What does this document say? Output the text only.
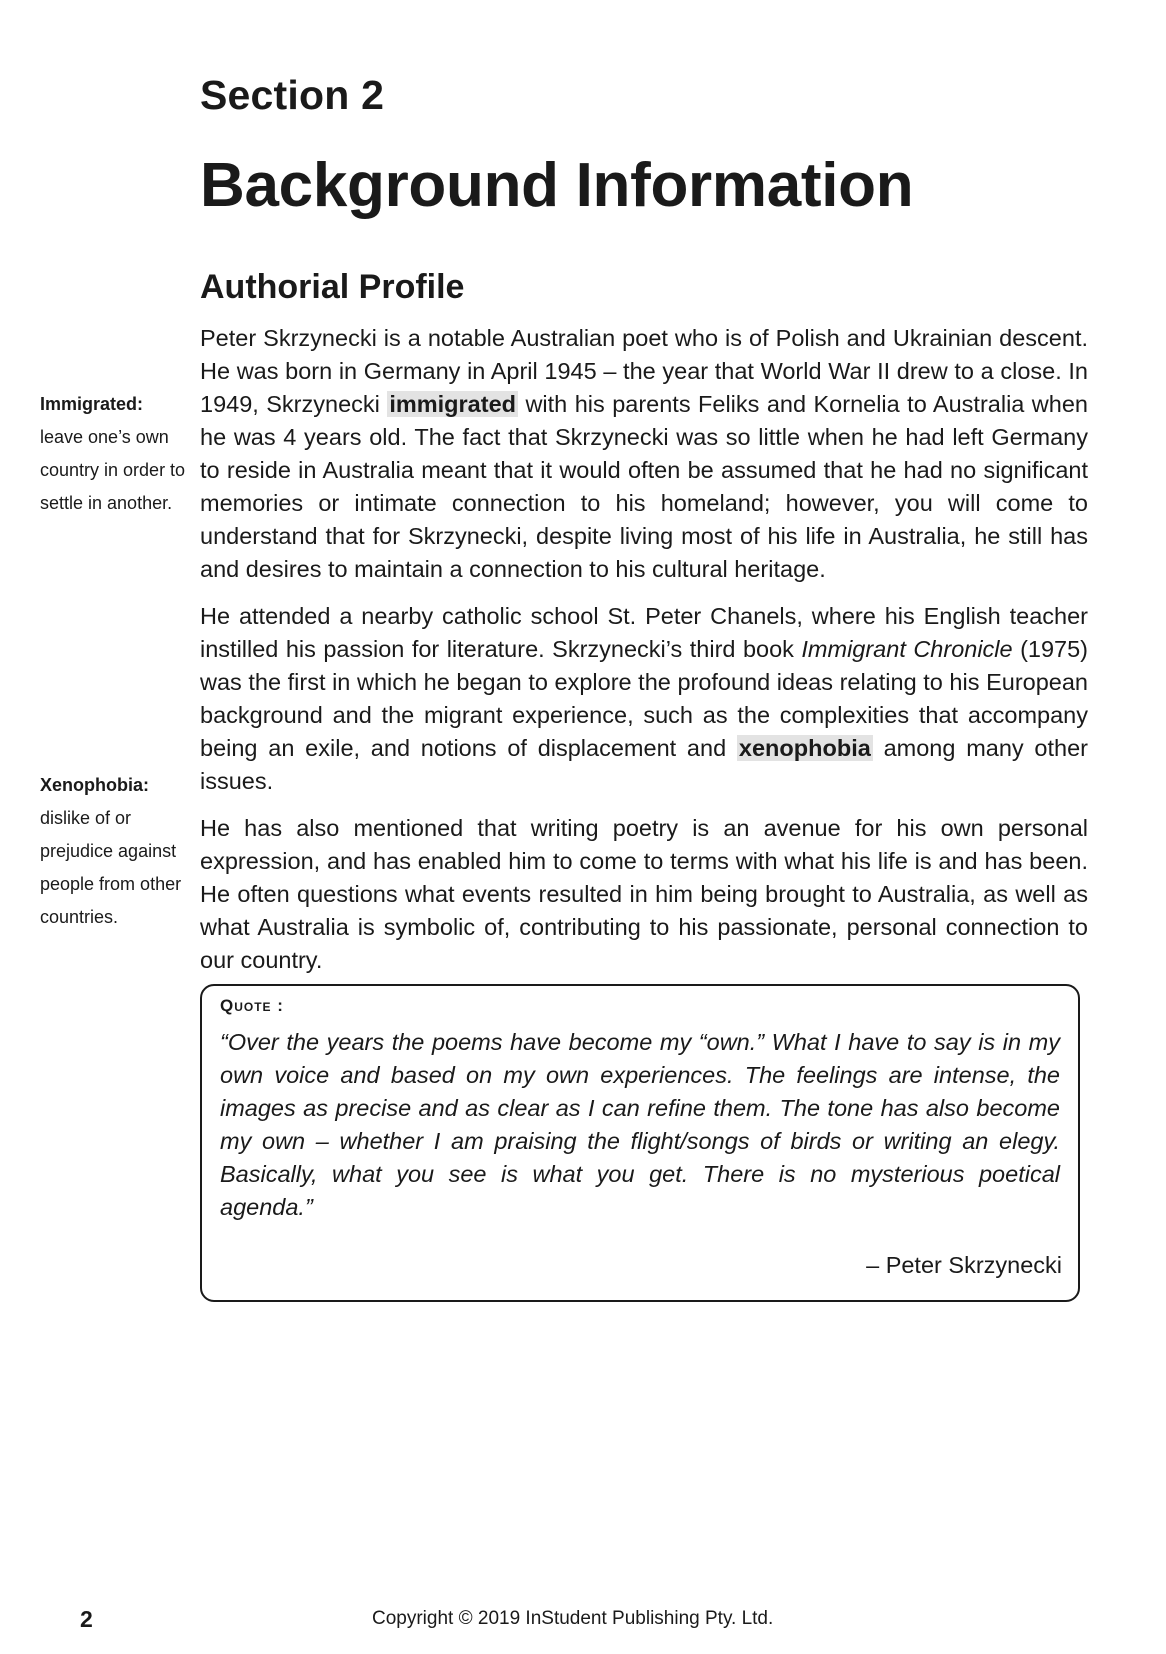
Section 2
Background Information
Authorial Profile

Peter Skrzynecki is a notable Australian poet who is of Polish and Ukrainian descent. He was born in Germany in April 1945 – the year that World War II drew to a close. In 1949, Skrzynecki immigrated with his parents Feliks and Kornelia to Australia when he was 4 years old. The fact that Skrzynecki was so little when he had left Germany to reside in Australia meant that it would often be assumed that he had no significant memories or intimate connection to his homeland; however, you will come to understand that for Skrzynecki, despite living most of his life in Australia, he still has and desires to maintain a connection to his cultural heritage.

He attended a nearby catholic school St. Peter Chanels, where his English teacher instilled his passion for literature. Skrzynecki’s third book Immigrant Chronicle (1975) was the first in which he began to explore the profound ideas relating to his European background and the migrant experience, such as the complexities that accompany being an exile, and notions of displacement and xenophobia among many other issues.

He has also mentioned that writing poetry is an avenue for his own personal expression, and has enabled him to come to terms with what his life is and has been. He often questions what events resulted in him being brought to Australia, as well as what Australia is symbolic of, contributing to his passionate, personal connection to our country.

Immigrated:
leave one’s own country in order to settle in another.

Xenophobia:
dislike of or prejudice against people from other countries.

Quote :

“Over the years the poems have become my “own.” What I have to say is in my own voice and based on my own experiences. The feelings are intense, the images as precise and as clear as I can refine them. The tone has also become my own – whether I am praising the flight/songs of birds or writing an elegy. Basically, what you see is what you get. There is no mysterious poetical agenda.”

– Peter Skrzynecki

2	Copyright © 2019 InStudent Publishing Pty. Ltd.
